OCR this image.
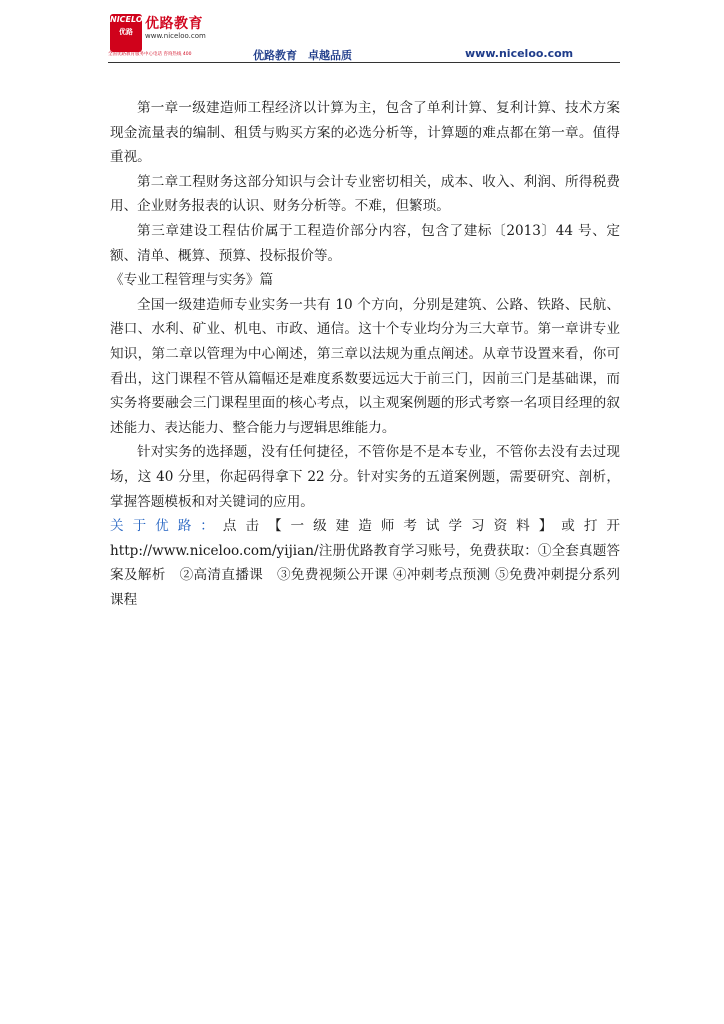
NICELOO
优路 优路教育
www.niceloo.com
全国优路教育服务中心电话 咨询热线 400	优路教育　卓越品质	www.niceloo.com

第一章一级建造师工程经济以计算为主，包含了单利计算、复利计算、技术方案现金流量表的编制、租赁与购买方案的必选分析等，计算题的难点都在第一章。值得重视。

第二章工程财务这部分知识与会计专业密切相关，成本、收入、利润、所得税费用、企业财务报表的认识、财务分析等。不难，但繁琐。

第三章建设工程估价属于工程造价部分内容，包含了建标〔2013〕44 号、定额、清单、概算、预算、投标报价等。

《专业工程管理与实务》篇

全国一级建造师专业实务一共有 10 个方向，分别是建筑、公路、铁路、民航、港口、水利、矿业、机电、市政、通信。这十个专业均分为三大章节。第一章讲专业知识，第二章以管理为中心阐述，第三章以法规为重点阐述。从章节设置来看，你可看出，这门课程不管从篇幅还是难度系数要远远大于前三门，因前三门是基础课，而实务将要融会三门课程里面的核心考点，以主观案例题的形式考察一名项目经理的叙述能力、表达能力、整合能力与逻辑思维能力。

针对实务的选择题，没有任何捷径，不管你是不是本专业，不管你去没有去过现场，这 40 分里，你起码得拿下 22 分。针对实务的五道案例题，需要研究、剖析，掌握答题模板和对关键词的应用。

关于优路：点击【一级建造师考试学习资料】或打开 http://www.niceloo.com/yijian/注册优路教育学习账号，免费获取：①全套真题答案及解析　②高清直播课　③免费视频公开课 ④冲刺考点预测 ⑤免费冲刺提分系列课程
